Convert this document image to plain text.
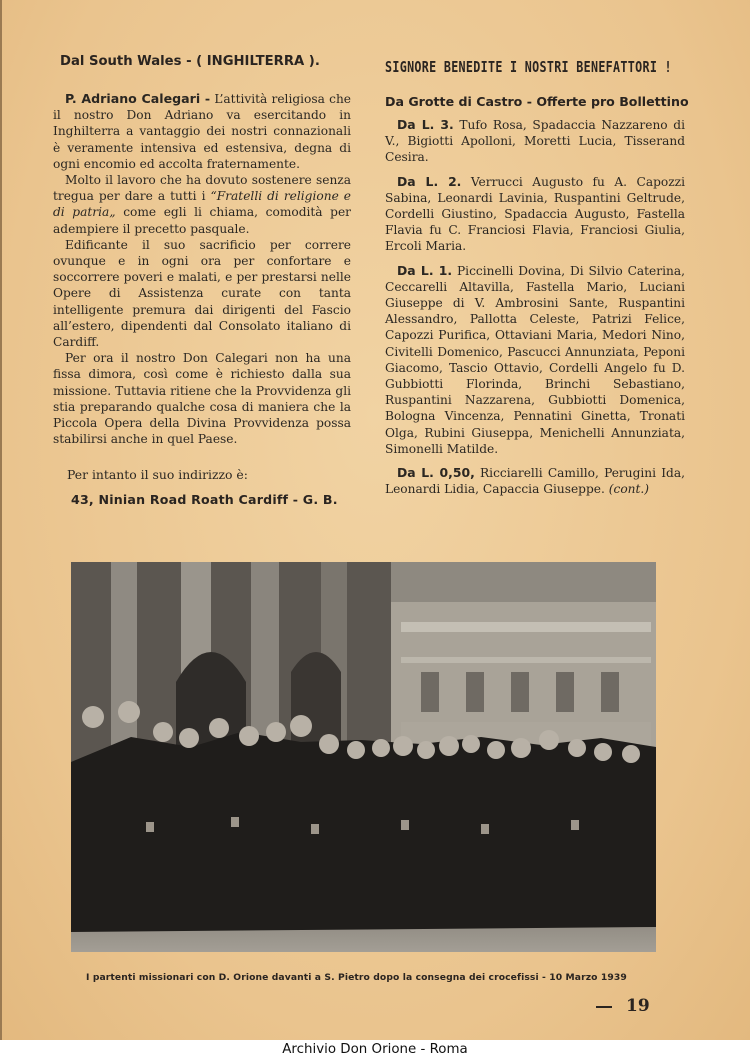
Dal South Wales - ( INGHILTERRA ).

P. Adriano Calegari - L’attività religiosa che il nostro Don Adriano va esercitando in Inghilterra a vantaggio dei nostri connazionali è veramente intensiva ed estensiva, degna di ogni encomio ed accolta fraternamente.

Molto il lavoro che ha dovuto sostenere senza tregua per dare a tutti i “Fratelli di religione e di patria„ come egli li chiama, comodità per adempiere il precetto pasquale.

Edificante il suo sacrificio per correre ovunque e in ogni ora per confortare e soccorrere poveri e malati, e per prestarsi nelle Opere di Assistenza curate con tanta intelligente premura dai dirigenti del Fascio all’estero, dipendenti dal Consolato italiano di Cardiff.

Per ora il nostro Don Calegari non ha una fissa dimora, così come è richiesto dalla sua missione. Tuttavia ritiene che la Provvidenza gli stia preparando qualche cosa di maniera che la Piccola Opera della Divina Provvidenza possa stabilirsi anche in quel Paese.

Per intanto il suo indirizzo è:

43, Ninian Road Roath Cardiff - G. B.

SIGNORE BENEDITE I NOSTRI BENEFATTORI !

Da Grotte di Castro - Offerte pro Bollettino

Da L. 3. Tufo Rosa, Spadaccia Nazzareno di V., Bigiotti Apolloni, Moretti Lucia, Tisserand Cesira.

Da L. 2. Verrucci Augusto fu A. Capozzi Sabina, Leonardi Lavinia, Ruspantini Geltrude, Cordelli Giustino, Spadaccia Augusto, Fastella Flavia fu C. Franciosi Flavia, Franciosi Giulia, Ercoli Maria.

Da L. 1. Piccinelli Dovina, Di Silvio Caterina, Ceccarelli Altavilla, Fastella Mario, Luciani Giuseppe di V. Ambrosini Sante, Ruspantini Alessandro, Pallotta Celeste, Patrizi Felice, Capozzi Purifica, Ottaviani Maria, Medori Nino, Civitelli Domenico, Pascucci Annunziata, Peponi Giacomo, Tascio Ottavio, Cordelli Angelo fu D. Gubbiotti Florinda, Brinchi Sebastiano, Ruspantini Nazzarena, Gubbiotti Domenica, Bologna Vincenza, Pennatini Ginetta, Tronati Olga, Rubini Giuseppa, Menichelli Annunziata, Simonelli Matilde.

Da L. 0,50, Ricciarelli Camillo, Perugini Ida, Leonardi Lidia, Capaccia Giuseppe. (cont.)

I partenti missionari con D. Orione davanti a S. Pietro dopo la consegna dei crocefissi - 10 Marzo 1939

19
Archivio Don Orione - Roma
